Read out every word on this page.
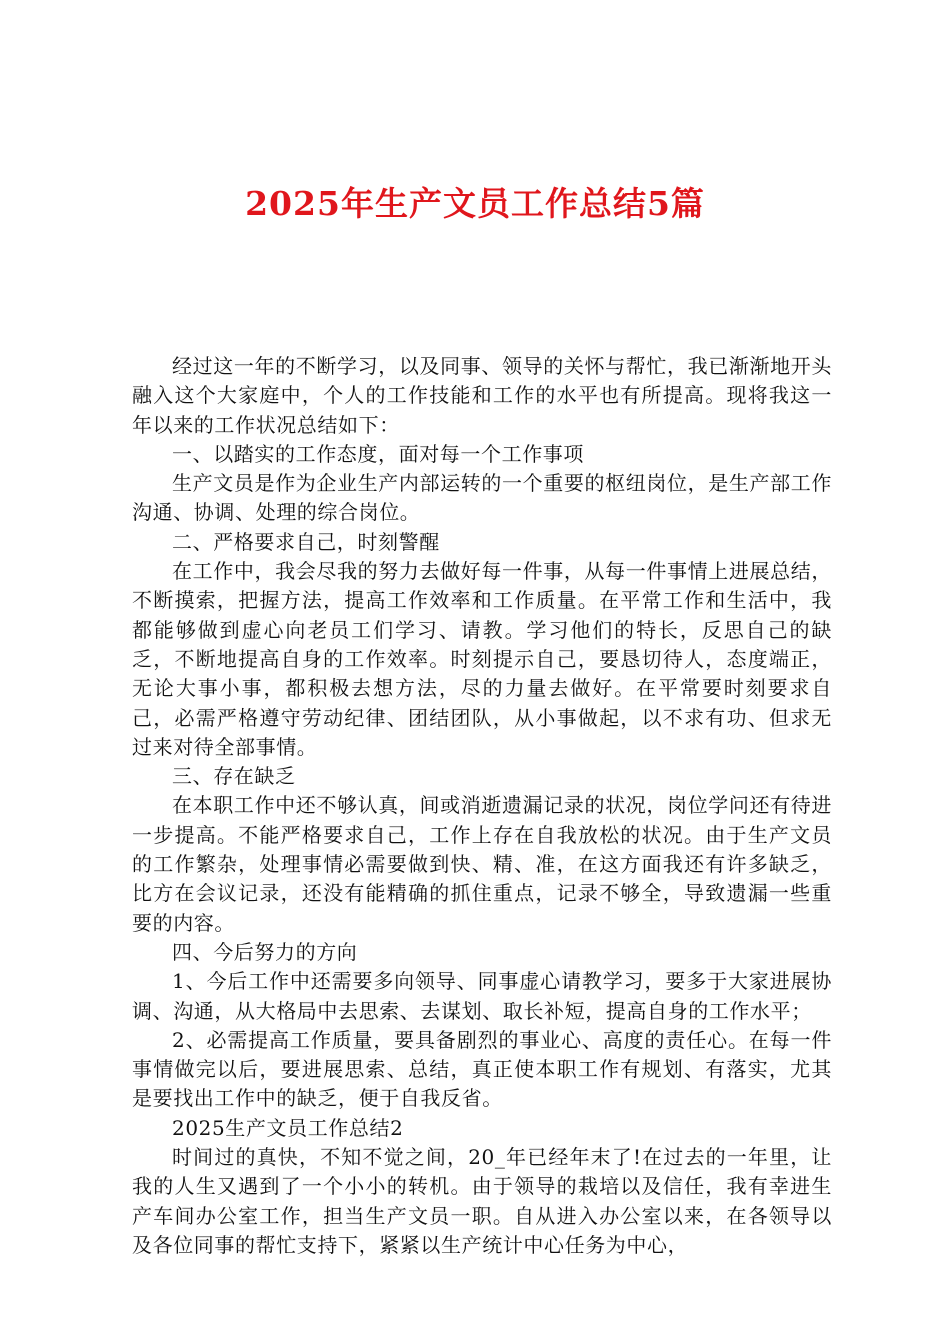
2025年生产文员工作总结5篇

经过这一年的不断学习，以及同事、领导的关怀与帮忙，我已渐渐地开头融入这个大家庭中，个人的工作技能和工作的水平也有所提高。现将我这一年以来的工作状况总结如下：

一、以踏实的工作态度，面对每一个工作事项

生产文员是作为企业生产内部运转的一个重要的枢纽岗位，是生产部工作沟通、协调、处理的综合岗位。

二、严格要求自己，时刻警醒

在工作中，我会尽我的努力去做好每一件事，从每一件事情上进展总结，不断摸索，把握方法，提高工作效率和工作质量。在平常工作和生活中，我都能够做到虚心向老员工们学习、请教。学习他们的特长，反思自己的缺乏，不断地提高自身的工作效率。时刻提示自己，要恳切待人，态度端正，无论大事小事，都积极去想方法，尽的力量去做好。在平常要时刻要求自己，必需严格遵守劳动纪律、团结团队，从小事做起，以不求有功、但求无过来对待全部事情。

三、存在缺乏

在本职工作中还不够认真，间或消逝遗漏记录的状况，岗位学问还有待进一步提高。不能严格要求自己，工作上存在自我放松的状况。由于生产文员的工作繁杂，处理事情必需要做到快、精、准，在这方面我还有许多缺乏，比方在会议记录，还没有能精确的抓住重点，记录不够全，导致遗漏一些重要的内容。

四、今后努力的方向

1、今后工作中还需要多向领导、同事虚心请教学习，要多于大家进展协调、沟通，从大格局中去思索、去谋划、取长补短，提高自身的工作水平；

2、必需提高工作质量，要具备剧烈的事业心、高度的责任心。在每一件事情做完以后，要进展思索、总结，真正使本职工作有规划、有落实，尤其是要找出工作中的缺乏，便于自我反省。

2025生产文员工作总结2

时间过的真快，不知不觉之间，20_年已经年末了!在过去的一年里，让我的人生又遇到了一个小小的转机。由于领导的栽培以及信任，我有幸进生产车间办公室工作，担当生产文员一职。自从进入办公室以来，在各领导以及各位同事的帮忙支持下，紧紧以生产统计中心任务为中心，
